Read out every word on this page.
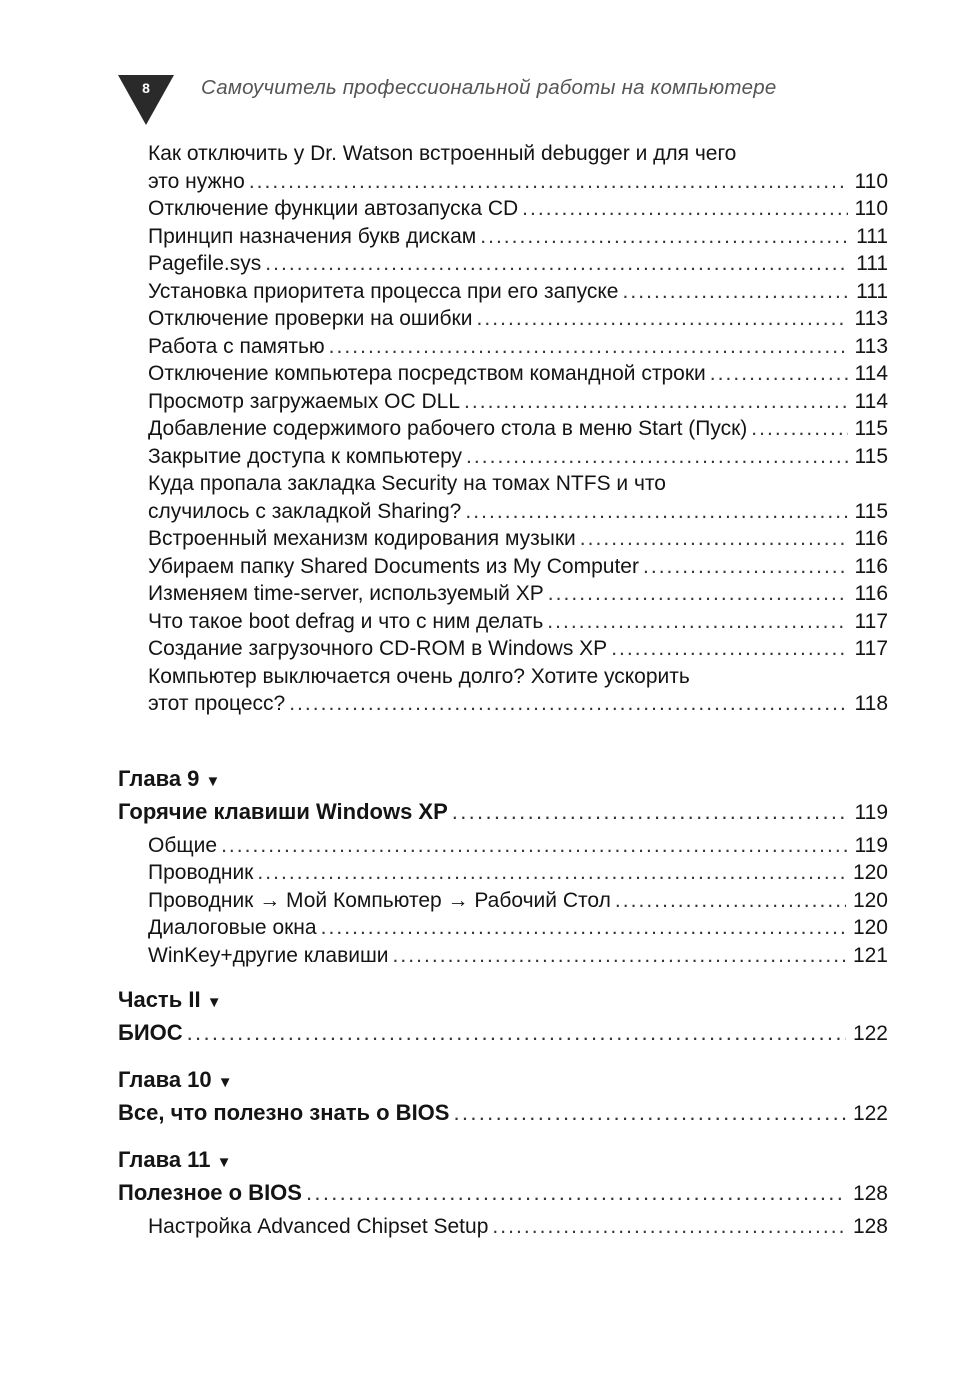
8	Самоучитель профессиональной работы на компьютере
Как отключить у Dr. Watson встроенный debugger и для чего
это нужно . . .	110
Отключение функции автозапуска CD . . .	110
Принцип назначения букв дискам . . .	111
Pagefile.sys . . .	111
Установка приоритета процесса при его запуске . . .	111
Отключение проверки на ошибки . . .	113
Работа с памятью . . .	113
Отключение компьютера посредством командной строки . . .	114
Просмотр загружаемых ОС DLL . . .	114
Добавление содержимого рабочего стола в меню Start (Пуск) . . .	115
Закрытие доступа к компьютеру . . .	115
Куда пропала закладка Security на томах NTFS и что
случилось с закладкой Sharing? . . .	115
Встроенный механизм кодирования музыки . . .	116
Убираем папку Shared Documents из My Computer . . .	116
Изменяем time-server, используемый XP . . .	116
Что такое boot defrag и что с ним делать . . .	117
Создание загрузочного CD-ROM в Windows XP . . .	117
Компьютер выключается очень долго? Хотите ускорить
этот процесс? . . .	118
Глава 9 ▼
Горячие клавиши Windows XP . . .	119
Общие . . .	119
Проводник . . .	120
Проводник → Мой Компьютер → Рабочий Стол . . .	120
Диалоговые окна . . .	120
WinKey+другие клавиши . . .	121
Часть II ▼
БИОС . . .	122
Глава 10 ▼
Все, что полезно знать о BIOS . . .	122
Глава 11 ▼
Полезное о BIOS . . .	128
Настройка Advanced Chipset Setup . . .	128
